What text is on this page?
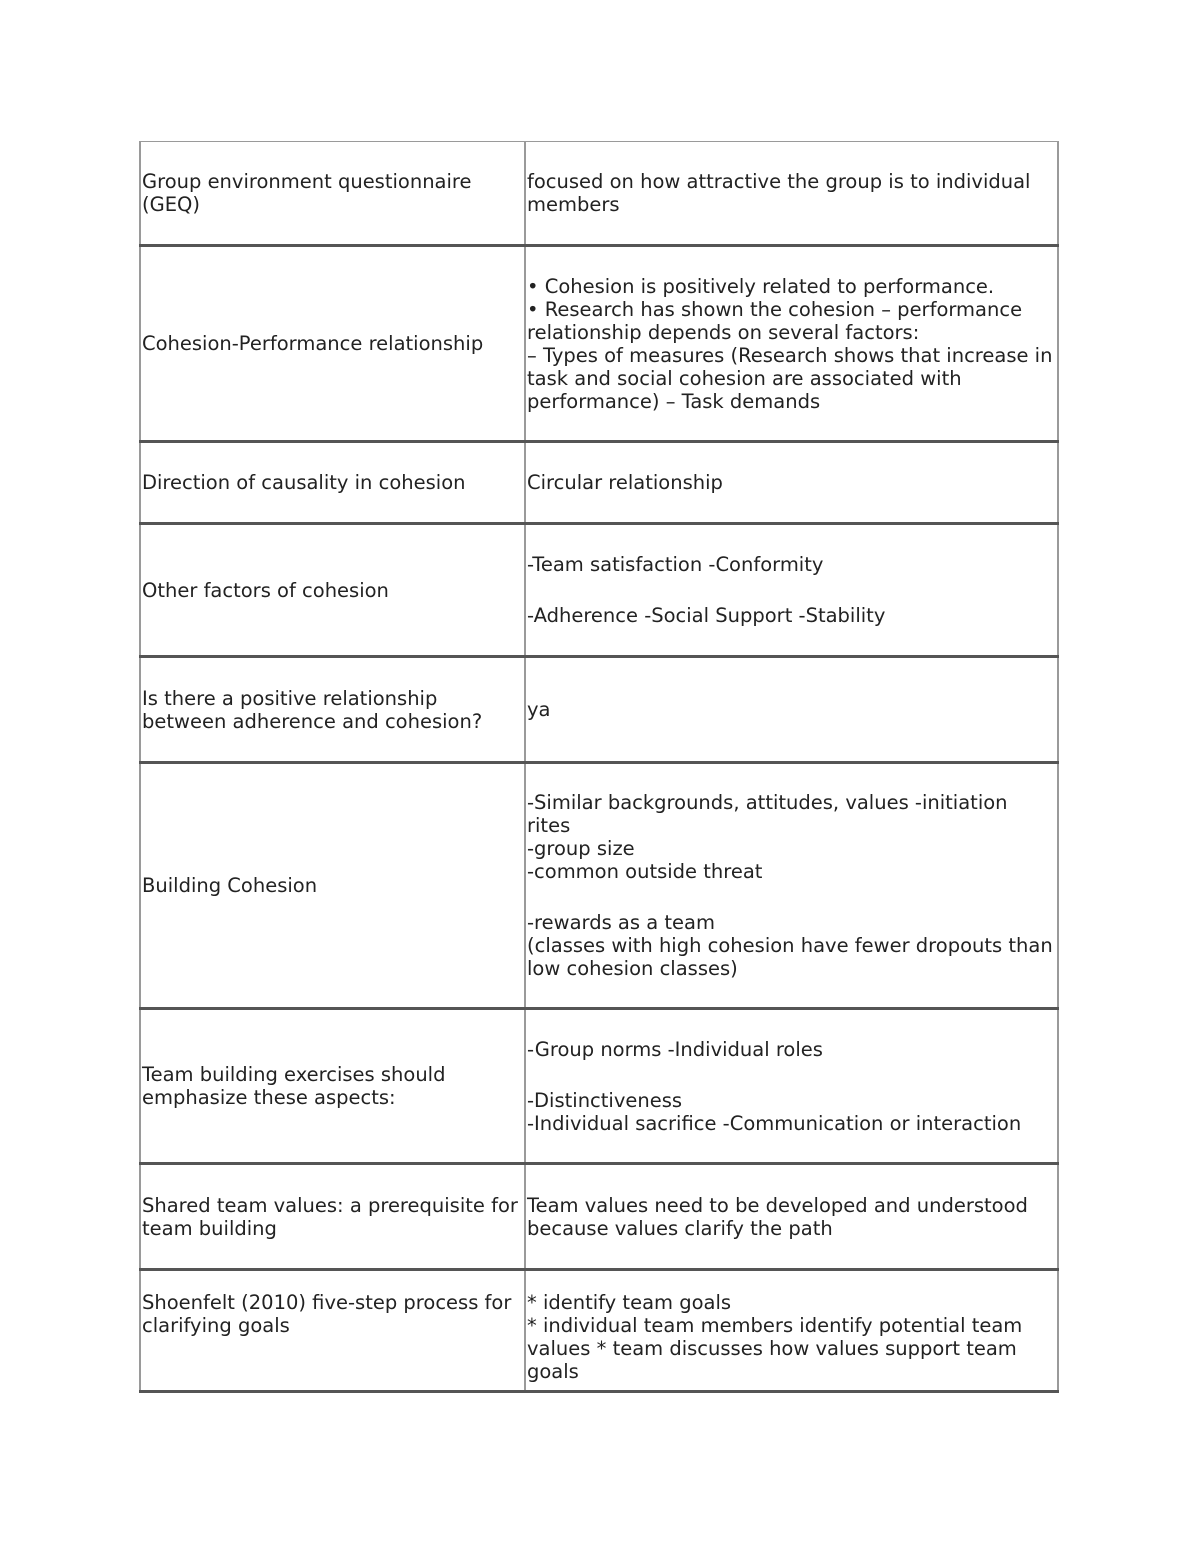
Group environment questionnaire (GEQ)	focused on how attractive the group is to individual members

Cohesion-Performance relationship	• Cohesion is positively related to performance.
• Research has shown the cohesion – performance relationship depends on several factors:
– Types of measures (Research shows that increase in task and social cohesion are associated with performance) – Task demands

Direction of causality in cohesion	Circular relationship

Other factors of cohesion	-Team satisfaction -Conformity
-Adherence -Social Support -Stability

Is there a positive relationship between adherence and cohesion?	ya

Building Cohesion	-Similar backgrounds, attitudes, values -initiation rites
-group size
-common outside threat
-rewards as a team
(classes with high cohesion have fewer dropouts than low cohesion classes)

Team building exercises should emphasize these aspects:	-Group norms -Individual roles
-Distinctiveness
-Individual sacrifice -Communication or interaction

Shared team values: a prerequisite for team building	Team values need to be developed and understood because values clarify the path

Shoenfelt (2010) five-step process for clarifying goals	* identify team goals
* individual team members identify potential team values * team discusses how values support team goals
